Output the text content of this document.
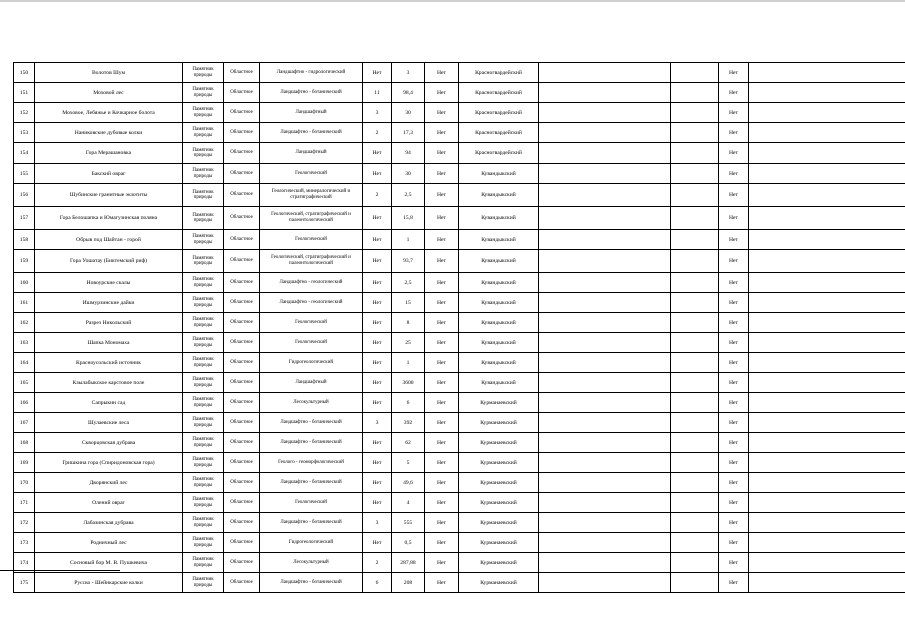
150	Волотов Шум	Памятник природы	Областное	Ландшафтно - гидрологический	Нет	3	Нет	Красногвардейский			Нет	
151	Моховой лес	Памятник природы	Областное	Ландшафтно - ботанический	11	98,4	Нет	Красногвардейский			Нет	
152	Моховое, Лебяжье и Кочкарное болота	Памятник природы	Областное	Ландшафтный	3	30	Нет	Красногвардейский			Нет	
153	Наниковские дубовые колки	Памятник природы	Областное	Ландшафтно - ботанический	2	17,3	Нет	Красногвардейский			Нет	
154	Гора Мерашановка	Памятник природы	Областное	Ландшафтный	Нет	94	Нет	Красногвардейский			Нет	
155	Бакский овраг	Памятник природы	Областное	Геологический	Нет	30	Нет	Кувандыкский			Нет	
156	Шубинские гранитные экзотиты	Памятник природы	Областное	Геологический, минералогический и стратиграфический	2	2,5	Нет	Кувандыкский			Нет	
157	Гора Белошапка и Юмагузинская поляна	Памятник природы	Областное	Геологический, стратиграфический и палеонтологический	Нет	15,8	Нет	Кувандыкский			Нет	
158	Обрыв под Шайтан - горой	Памятник природы	Областное	Геологический	Нет	1	Нет	Кувандыкский			Нет	
159	Гора Уошатау (Биктемский риф)	Памятник природы	Областное	Геологический, стратиграфический и палеонтологический	Нет	93,7	Нет	Кувандыкский			Нет	
160	Новоурские скалы	Памятник природы	Областное	Ландшафтно - геологический	Нет	2,5	Нет	Кувандыкский			Нет	
161	Ишмурзинские дайки	Памятник природы	Областное	Ландшафтно - геологический	Нет	15	Нет	Кувандыкский			Нет	
162	Разрез Никольский	Памятник природы	Областное	Геологический	Нет	8	Нет	Кувандыкский			Нет	
163	Шапка Мономаха	Памятник природы	Областное	Геологический	Нет	25	Нет	Кувандыкский			Нет	
164	Красноусольский источник	Памятник природы	Областное	Гидрогеологический	Нет	1	Нет	Кувандыкский			Нет	
165	Кзылабыкское карстовое поле	Памятник природы	Областное	Ландшафтный	Нет	3600	Нет	Кувандыкский			Нет	
166	Сапрыкин сад	Памятник природы	Областное	Лесокультурный	Нет	6	Нет	Курманаевский			Нет	
167	Шулаевские леса	Памятник природы	Областное	Ландшафтно - ботанический	3	392	Нет	Курманаевский			Нет	
168	Скворцовская дубрава	Памятник природы	Областное	Ландшафтно - ботанический	Нет	62	Нет	Курманаевский			Нет	
169	Гришкина гора (Спиридоновская гора)	Памятник природы	Областное	Геолого - геоморфологический	Нет	5	Нет	Курманаевский			Нет	
170	Дворянский лес	Памятник природы	Областное	Ландшафтно - ботанический	Нет	49,6	Нет	Курманаевский			Нет	
171	Олений овраг	Памятник природы	Областное	Геологический	Нет	4	Нет	Курманаевский			Нет	
172	Лабазинская дубрава	Памятник природы	Областное	Ландшафтно - ботанический	3	555	Нет	Курманаевский			Нет	
173	Родничный лес	Памятник природы	Областное	Гидрогеологический	Нет	0,5	Нет	Курманаевский			Нет	
174	Сосновый бор М. В. Пушкевича	Памятник природы	Областное	Лесокультурный	2	287,88	Нет	Курманаевский			Нет	
175	Русско - Шейнкарские колки	Памятник природы	Областное	Ландшафтно - ботанический	6	208	Нет	Курманаевский			Нет	
